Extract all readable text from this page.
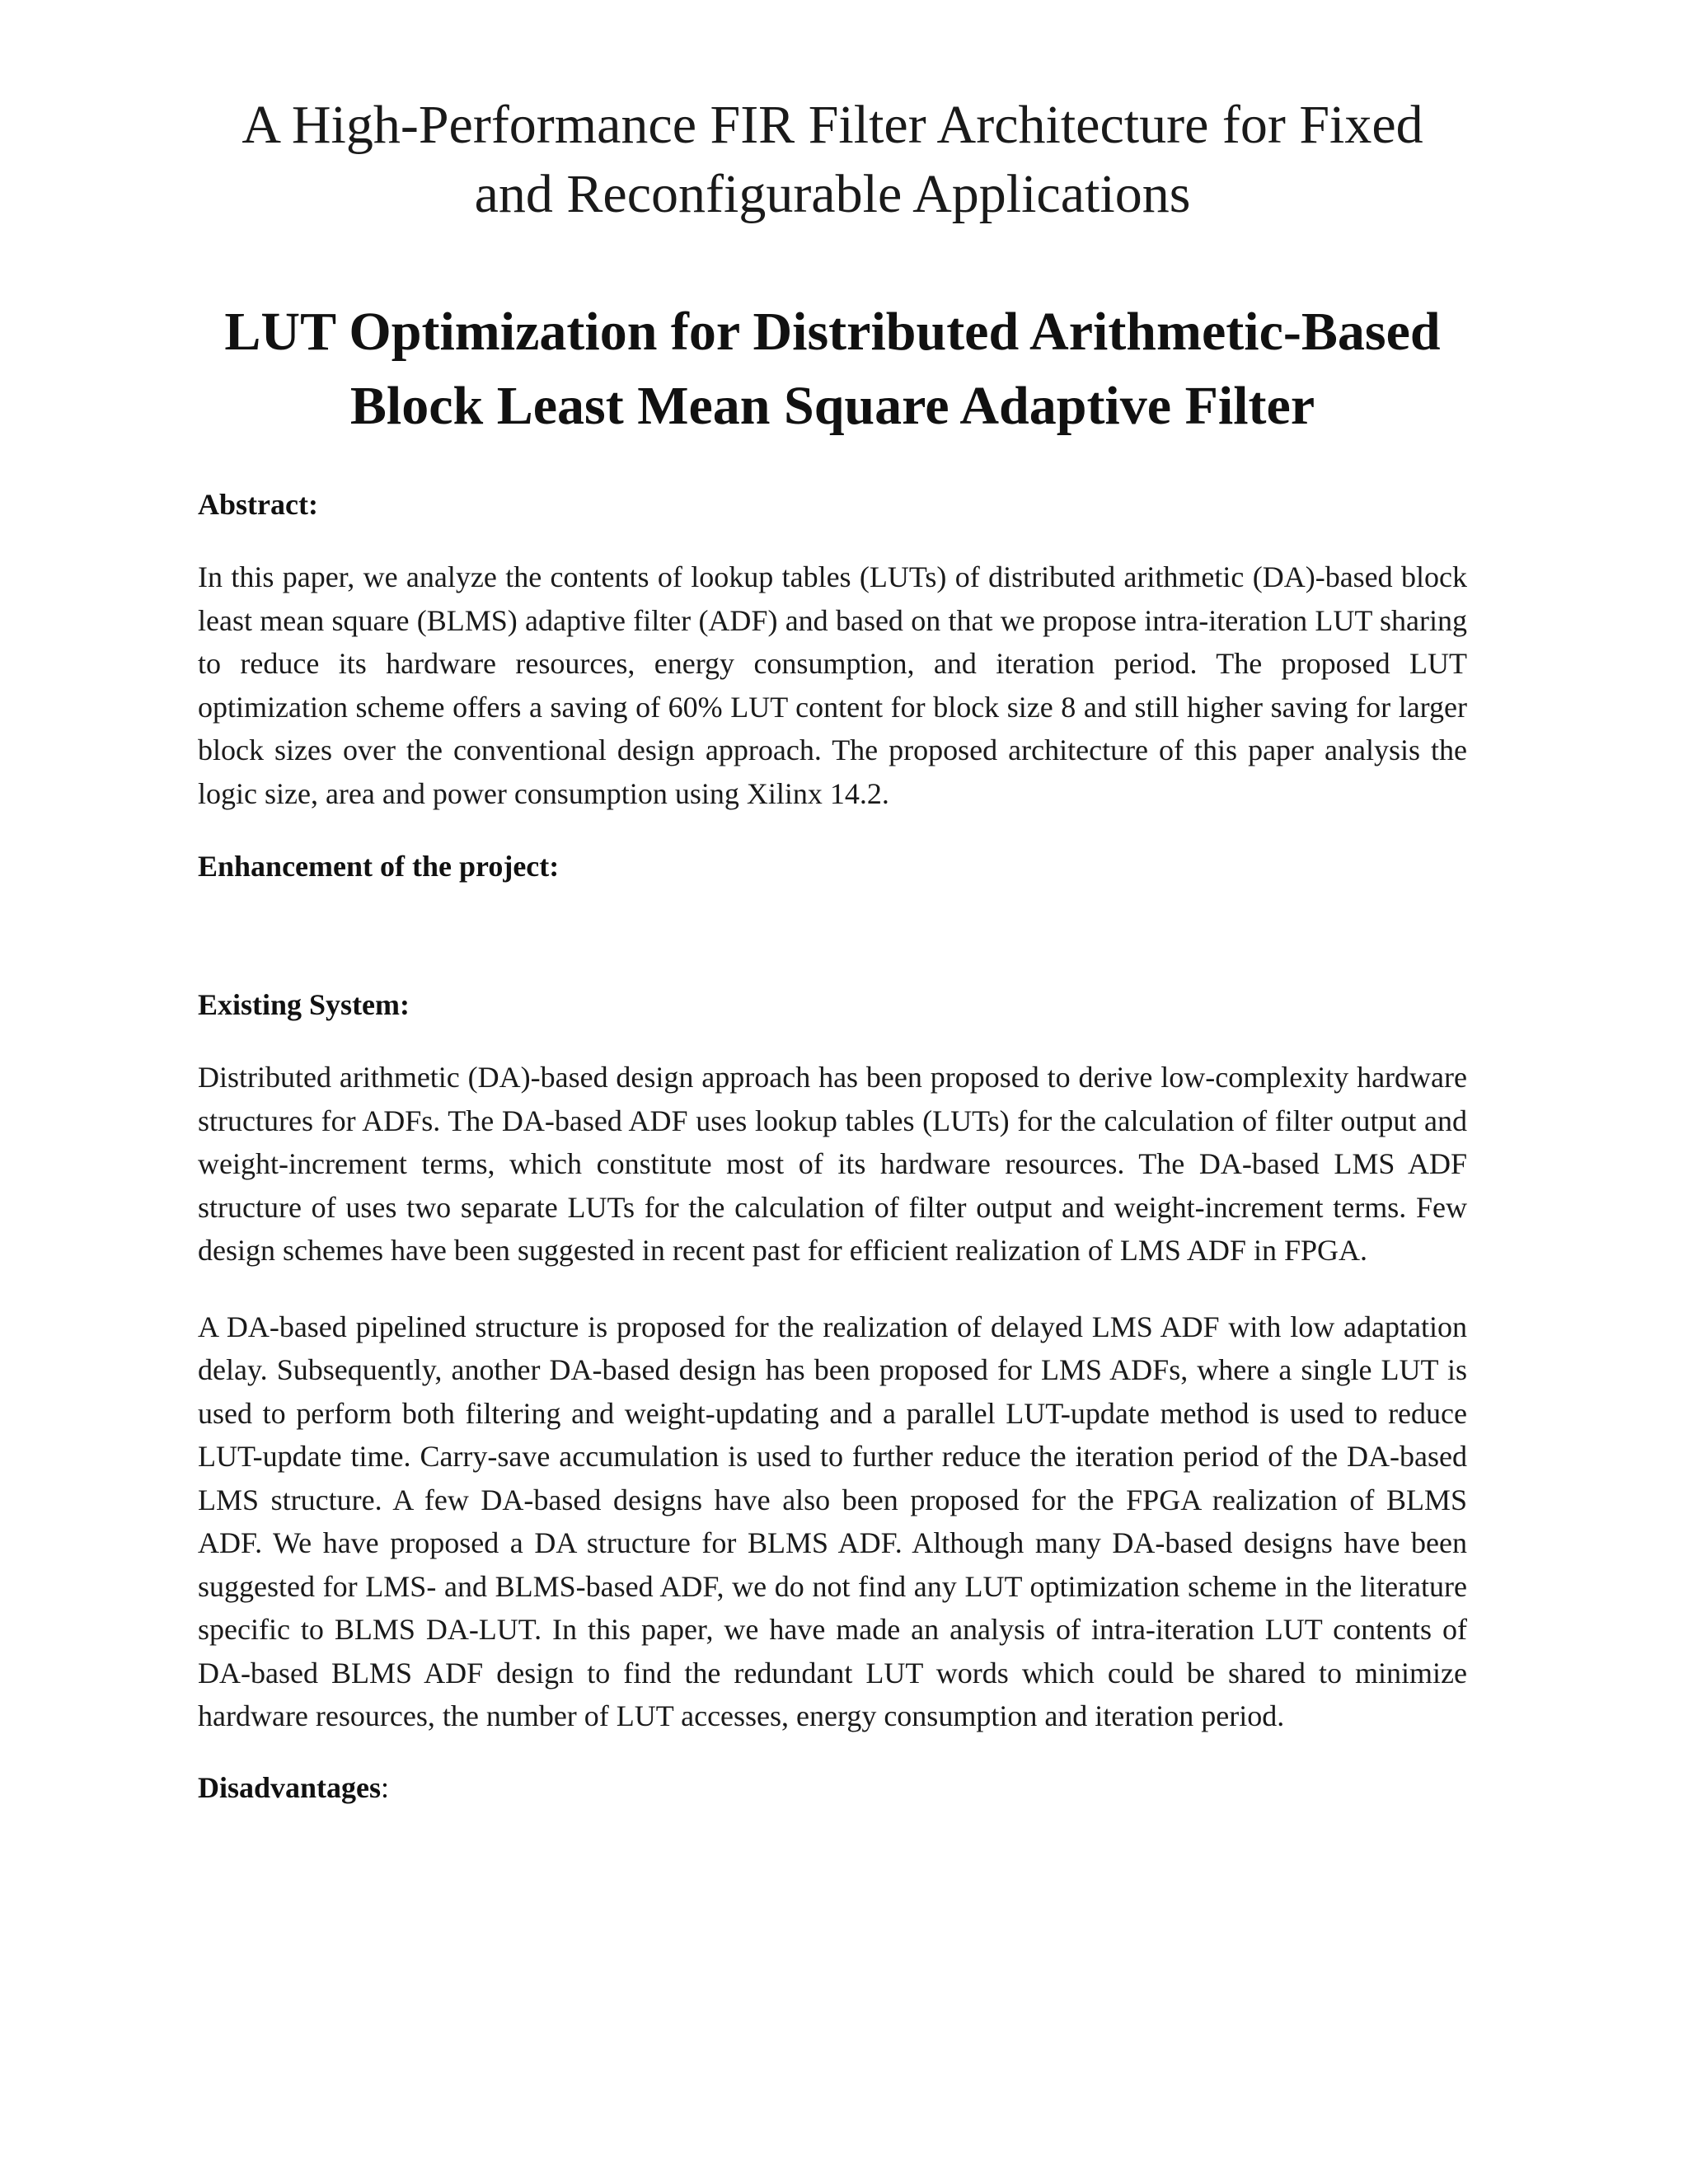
A High-Performance FIR Filter Architecture for Fixed and Reconfigurable Applications
LUT Optimization for Distributed Arithmetic-Based Block Least Mean Square Adaptive Filter
Abstract:

In this paper, we analyze the contents of lookup tables (LUTs) of distributed arithmetic (DA)-based block least mean square (BLMS) adaptive filter (ADF) and based on that we propose intra-iteration LUT sharing to reduce its hardware resources, energy consumption, and iteration period. The proposed LUT optimization scheme offers a saving of 60% LUT content for block size 8 and still higher saving for larger block sizes over the conventional design approach. The proposed architecture of this paper analysis the logic size, area and power consumption using Xilinx 14.2.

Enhancement of the project:
Existing System:

Distributed arithmetic (DA)-based design approach has been proposed to derive low-complexity hardware structures for ADFs. The DA-based ADF uses lookup tables (LUTs) for the calculation of filter output and weight-increment terms, which constitute most of its hardware resources. The DA-based LMS ADF structure of uses two separate LUTs for the calculation of filter output and weight-increment terms. Few design schemes have been suggested in recent past for efficient realization of LMS ADF in FPGA.

A DA-based pipelined structure is proposed for the realization of delayed LMS ADF with low adaptation delay. Subsequently, another DA-based design has been proposed for LMS ADFs, where a single LUT is used to perform both filtering and weight-updating and a parallel LUT-update method is used to reduce LUT-update time. Carry-save accumulation is used to further reduce the iteration period of the DA-based LMS structure. A few DA-based designs have also been proposed for the FPGA realization of BLMS ADF. We have proposed a DA structure for BLMS ADF. Although many DA-based designs have been suggested for LMS- and BLMS-based ADF, we do not find any LUT optimization scheme in the literature specific to BLMS DA-LUT. In this paper, we have made an analysis of intra-iteration LUT contents of DA-based BLMS ADF design to find the redundant LUT words which could be shared to minimize hardware resources, the number of LUT accesses, energy consumption and iteration period.

Disadvantages:
